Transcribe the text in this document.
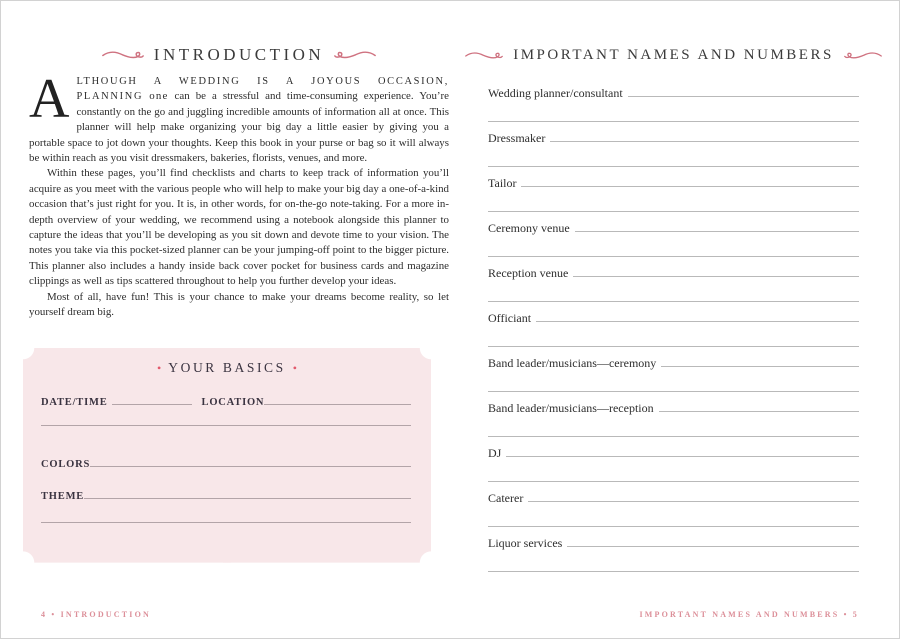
INTRODUCTION

A LTHOUGH A WEDDING IS A JOYOUS OCCASION, PLANNING one can be a stressful and time-consuming experience. You’re constantly on the go and juggling incredible amounts of information all at once. This planner will help make organizing your big day a little easier by giving you a portable space to jot down your thoughts. Keep this book in your purse or bag so it will always be within reach as you visit dressmakers, bakeries, florists, venues, and more.

Within these pages, you’ll find checklists and charts to keep track of information you’ll acquire as you meet with the various people who will help to make your big day a one-of-a-kind occasion that’s just right for you. It is, in other words, for on-the-go note-taking. For a more in-depth overview of your wedding, we recommend using a notebook alongside this planner to capture the ideas that you’ll be developing as you sit down and devote time to your vision. The notes you take via this pocket-sized planner can be your jumping-off point to the bigger picture. This planner also includes a handy inside back cover pocket for business cards and magazine clippings as well as tips scattered throughout to help you further develop your ideas.

Most of all, have fun! This is your chance to make your dreams become reality, so let yourself dream big.

• YOUR BASICS •
DATE/TIME	LOCATION
COLORS
THEME
4 • INTRODUCTION
IMPORTANT NAMES AND NUMBERS
Wedding planner/consultant
Dressmaker
Tailor
Ceremony venue
Reception venue
Officiant
Band leader/musicians—ceremony
Band leader/musicians—reception
DJ
Caterer
Liquor services
IMPORTANT NAMES AND NUMBERS • 5
